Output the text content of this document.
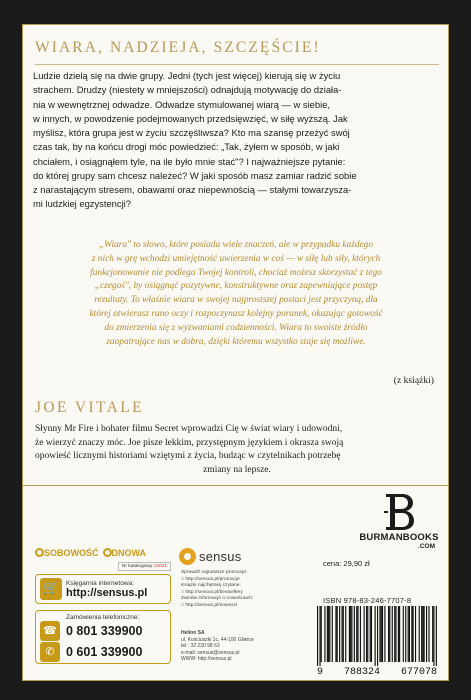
WIARA, NADZIEJA, SZCZĘŚCIE!
Ludzie dzielą się na dwie grupy. Jedni (tych jest więcej) kierują się w życiu
strachem. Drudzy (niestety w mniejszości) odnajdują motywację do działa-
nia w wewnętrznej odwadze. Odwadze stymulowanej wiarą — w siebie,
w innych, w powodzenie podejmowanych przedsięwzięć, w siłę wyższą. Jak
myślisz, która grupa jest w życiu szczęśliwsza? Kto ma szansę przeżyć swój
czas tak, by na końcu drogi móc powiedzieć: „Tak, żyłem w sposób, w jaki
chciałem, i osiągnąłem tyle, na ile było mnie stać"? I najważniejsze pytanie:
do której grupy sam chcesz należeć? W jaki sposób masz zamiar radzić sobie
z narastającym stresem, obawami oraz niepewnością — stałymi towarzysza-
mi ludzkiej egzystencji?
„Wiara" to słowo, które posiada wiele znaczeń, ale w przypadku każdego
z nich w grę wchodzi umiejętność uwierzenia w coś — w siłę lub siły, których
funkcjonowanie nie podlega Twojej kontroli, chociaż możesz skorzystać z tego
„czegoś", by osiągnąć pozytywne, konstruktywne oraz zapewniające postęp
rezultaty. To właśnie wiara w swojej najprostszej postaci jest przyczyną, dla
której otwierasz rano oczy i rozpoczynasz kolejny poranek, okazując gotowość
do zmierzenia się z wyzwaniami codzienności. Wiara to swoiste źródło
zaopatrujące nas w dobra, dzięki któremu wszystko staje się możliwe.
(z książki)
JOE VITALE
Słynny Mr Fire i bohater filmu Secret wprowadzi Cię w świat wiary i udowodni,
że wierzyć znaczy móc. Joe pisze lekkim, przystępnym językiem i okrasza swoją
opowieść licznymi historiami wziętymi z życia, budząc w czytelnikach potrzebę
zmiany na lepsze.
BURMANBOOKS
.COM
SOBOWOŚĆ	DNOWA
Nr katalogowy 16021
🛒	Księgarnia internetowa:
http://sensus.pl
Zamówienia telefoniczne:
☎ 0 801 339900
✆ 0 601 339900
sensus
Sprawdź najnowsze promocje:
○ http://sensus.pl/promocje
Książki najchętniej czytane:
○ http://sensus.pl/bestsellery
Zamów informacje o nowościach:
○ http://sensus.pl/nowosci
Helion SA
ul. Kościuszki 1c, 44-100 Gliwice
tel.: 32 230 98 63
e-mail: sensus@sensus.pl
WWW: http://sensus.pl
cena: 29,90 zł
ISBN 978-83-246-7707-8
9 788324 677078
